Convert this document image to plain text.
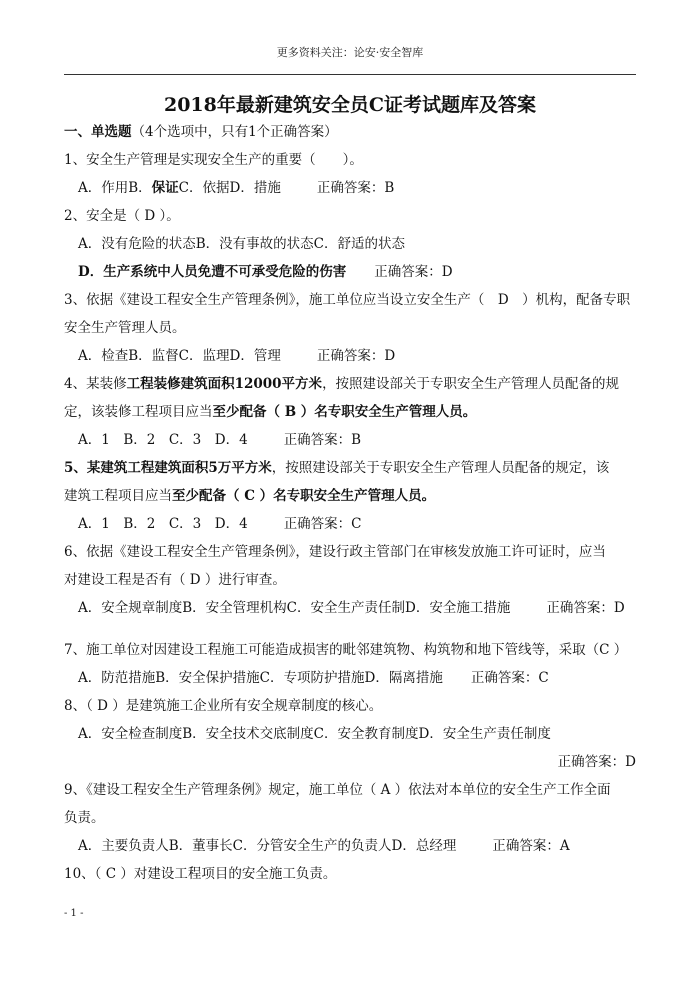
更多资料关注：论安·安全智库
2018年最新建筑安全员C证考试题库及答案

一、单选题（4个选项中，只有1个正确答案）

1、安全生产管理是实现安全生产的重要（　　）。

A．作用B．保证C．依据D．措施	正确答案：B

2、安全是（ D ）。

A．没有危险的状态B．没有事故的状态C．舒适的状态

D．生产系统中人员免遭不可承受危险的伤害 正确答案：D

3、依据《建设工程安全生产管理条例》，施工单位应当设立安全生产（　D　）机构，配备专职

安全生产管理人员。

A．检查B．监督C．监理D．管理	正确答案：D

4、某装修工程装修建筑面积12000平方米，按照建设部关于专职安全生产管理人员配备的规

定，该装修工程项目应当至少配备（ B ）名专职安全生产管理人员。

A．1　B．2　C．3　D．4	正确答案：B

5、某建筑工程建筑面积5万平方米，按照建设部关于专职安全生产管理人员配备的规定，该

建筑工程项目应当至少配备（ C ）名专职安全生产管理人员。

A．1　B．2　C．3　D．4	正确答案：C

6、依据《建设工程安全生产管理条例》，建设行政主管部门在审核发放施工许可证时，应当

对建设工程是否有（ D ）进行审查。

A．安全规章制度B．安全管理机构C．安全生产责任制D．安全施工措施	正确答案：D

7、施工单位对因建设工程施工可能造成损害的毗邻建筑物、构筑物和地下管线等，采取（C ）

A．防范措施B．安全保护措施C．专项防护措施D．隔离措施 正确答案：C

8、（ D ）是建筑施工企业所有安全规章制度的核心。

A．安全检查制度B．安全技术交底制度C．安全教育制度D．安全生产责任制度

正确答案：D

9、《建设工程安全生产管理条例》规定，施工单位（ A ）依法对本单位的安全生产工作全面

负责。

A．主要负责人B．董事长C．分管安全生产的负责人D．总经理	正确答案：A

10、（ C ）对建设工程项目的安全施工负责。

- 1 -
